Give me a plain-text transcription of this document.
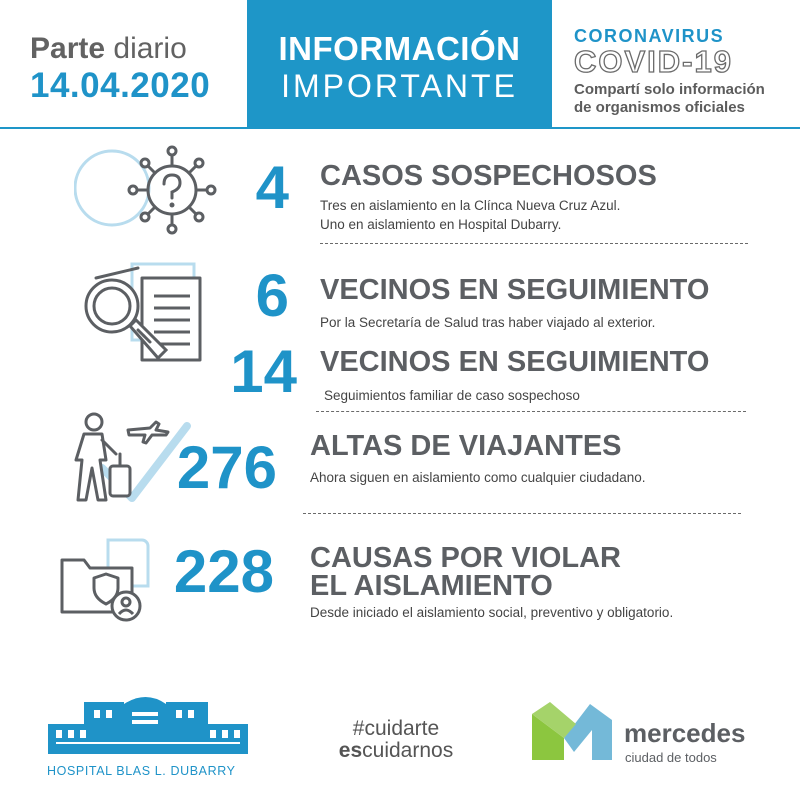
Parte diario
14.04.2020
INFORMACIÓN
IMPORTANTE
CORONAVIRUS
COVID-19
Compartí solo información
de organismos oficiales
4 CASOS SOSPECHOSOS
Tres en aislamiento en la Clínca Nueva Cruz Azul.
Uno en aislamiento en Hospital Dubarry.
6 VECINOS EN SEGUIMIENTO
Por la Secretaría de Salud tras haber viajado al exterior.
14 VECINOS EN SEGUIMIENTO
Seguimientos familiar de caso sospechoso
276 ALTAS DE VIAJANTES
Ahora siguen en aislamiento como cualquier ciudadano.
228 CAUSAS POR VIOLAR
EL AISLAMIENTO
Desde iniciado el aislamiento social, preventivo y obligatorio.
HOSPITAL BLAS L. DUBARRY
#cuidarte
escuidarnos
mercedes
ciudad de todos
